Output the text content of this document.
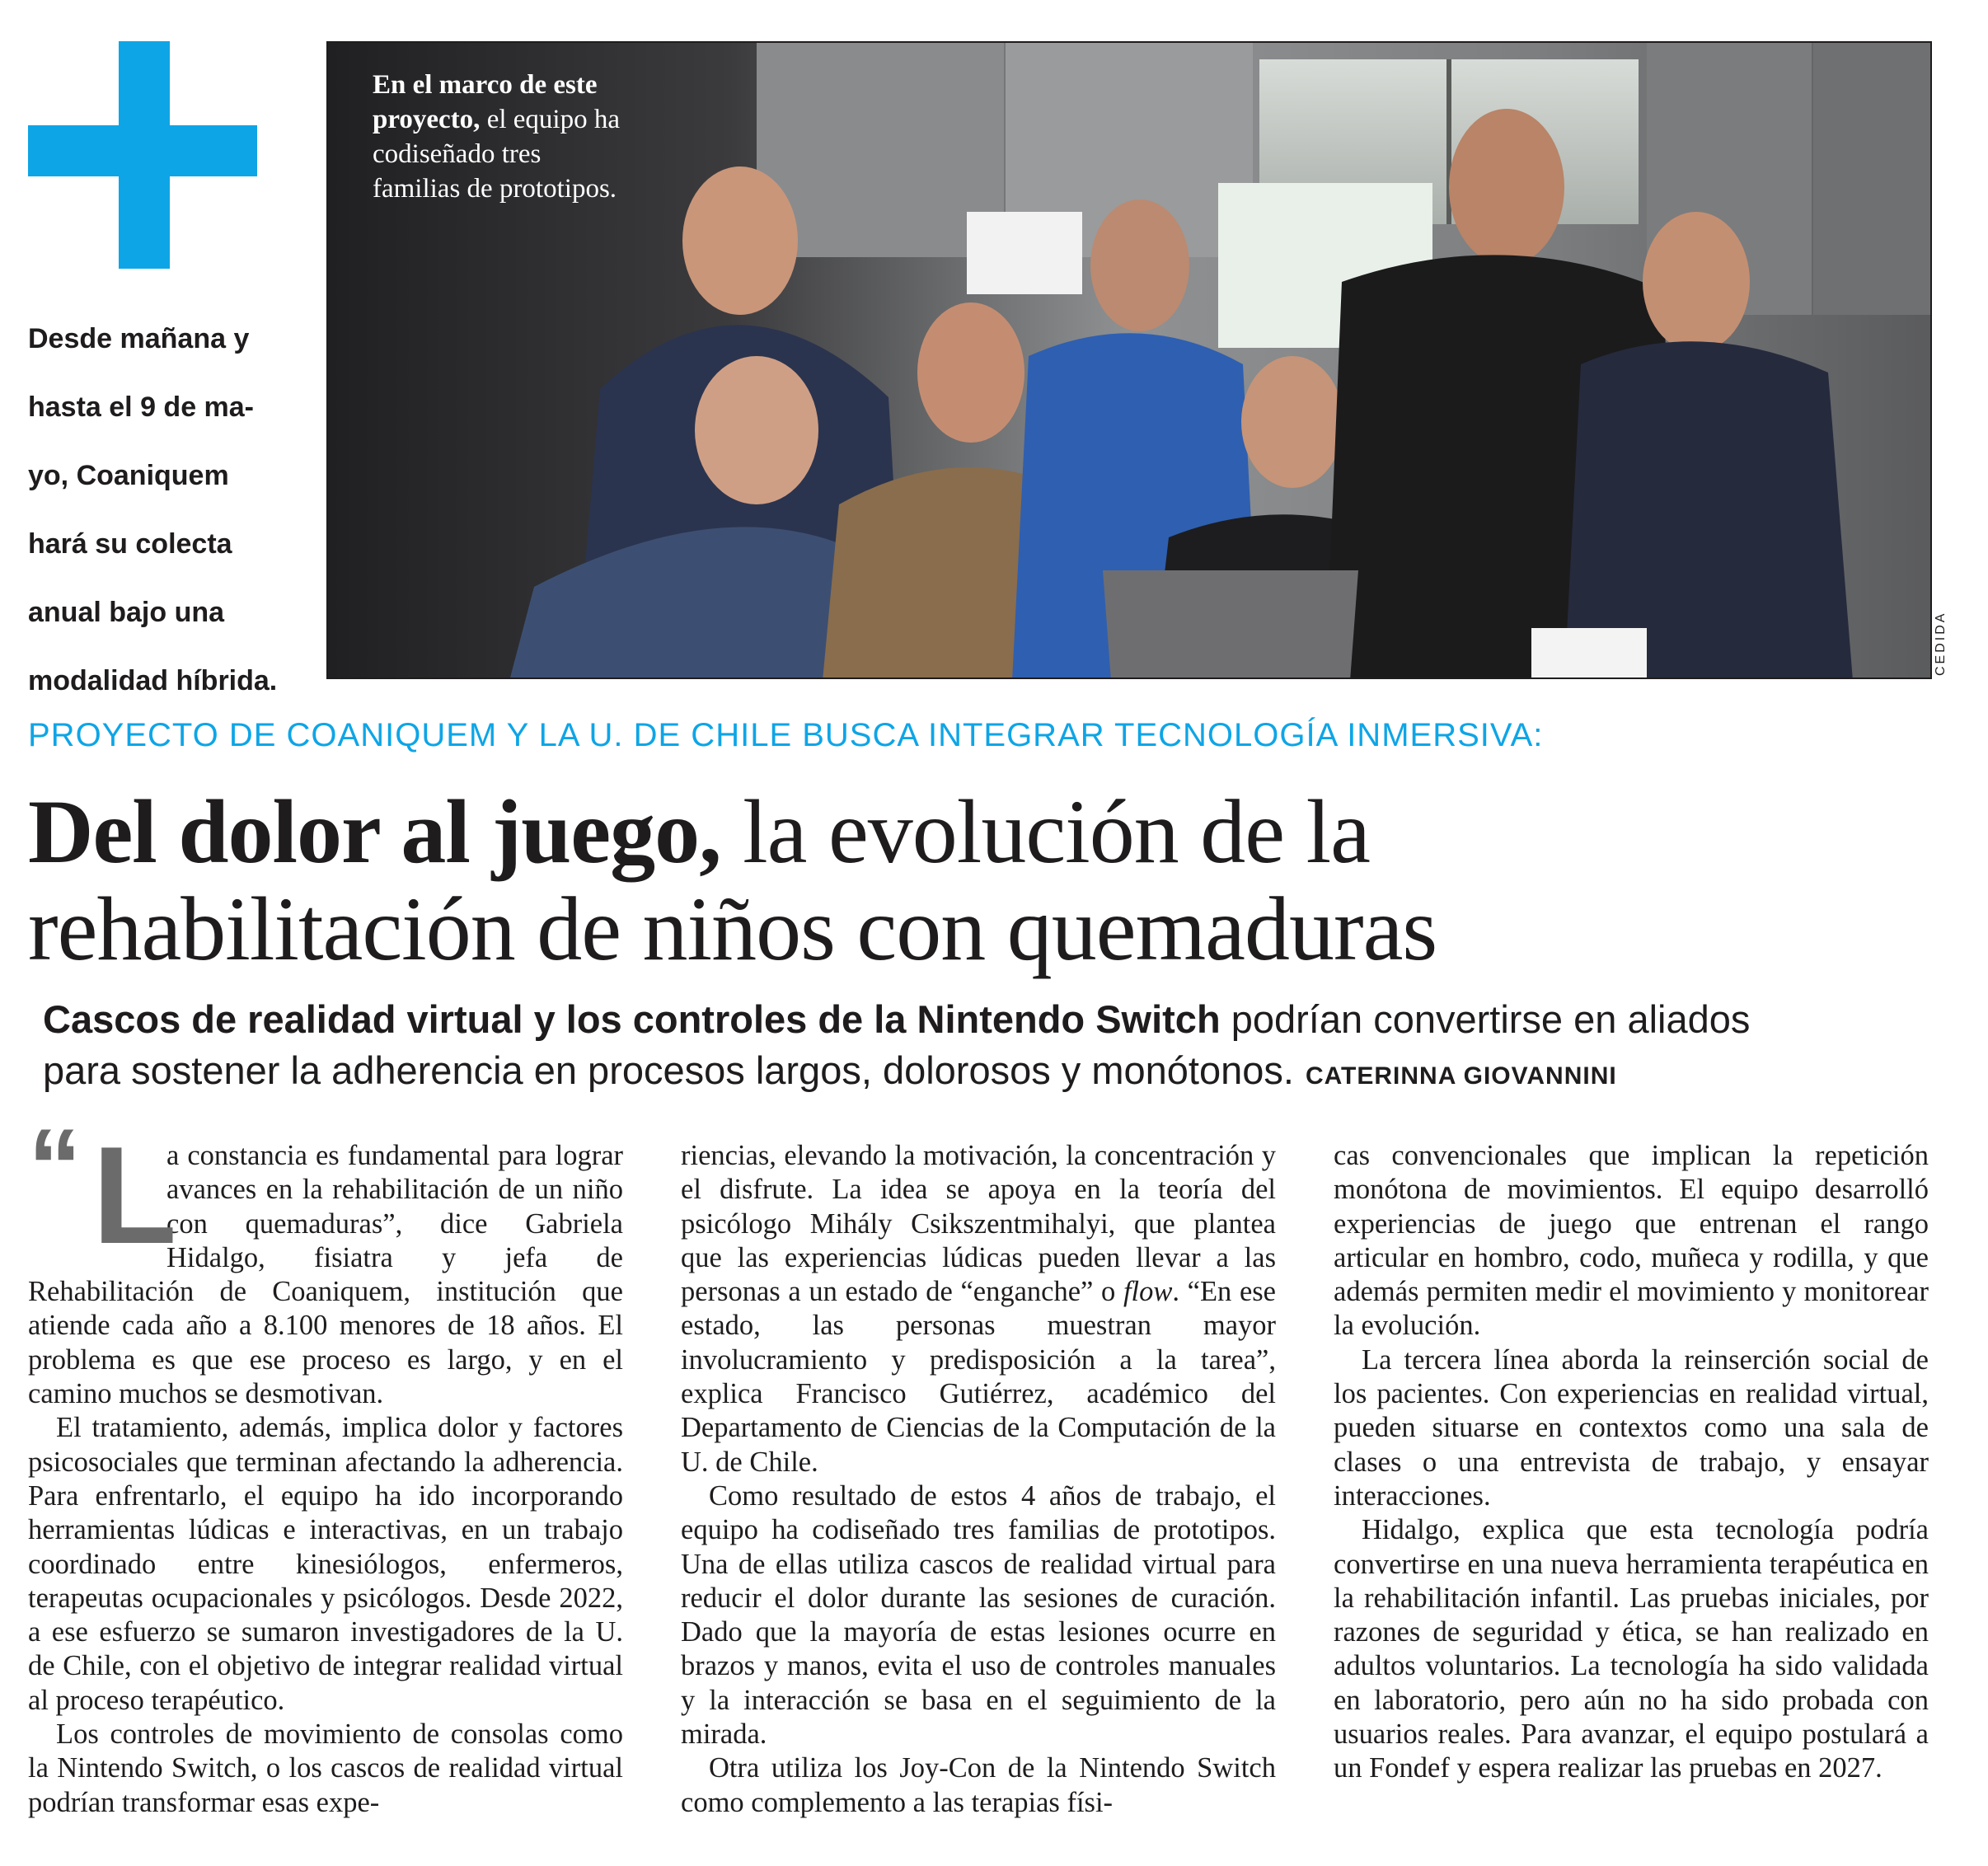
Desde mañana y
hasta el 9 de ma-
yo, Coaniquem
hará su colecta
anual bajo una
modalidad híbrida.
En el marco de este proyecto, el equipo ha codiseñado tres familias de prototipos.
CEDIDA
PROYECTO DE COANIQUEM Y LA U. DE CHILE BUSCA INTEGRAR TECNOLOGÍA INMERSIVA:
Del dolor al juego, la evolución de la
rehabilitación de niños con quemaduras
Cascos de realidad virtual y los controles de la Nintendo Switch podrían convertirse en aliados
para sostener la adherencia en procesos largos, dolorosos y monótonos. CATERINNA GIOVANNINI
“ L

a constancia es fundamental para lograr avances en la rehabilitación de un niño con quemaduras”, dice Gabriela Hidalgo, fisiatra y jefa de Rehabilitación de Coaniquem, institución que atiende cada año a 8.100 menores de 18 años. El problema es que ese proceso es largo, y en el camino muchos se desmotivan.

El tratamiento, además, implica dolor y factores psicosociales que terminan afectando la adherencia. Para enfrentarlo, el equipo ha ido incorporando herramientas lúdicas e interactivas, en un trabajo coordinado entre kinesiólogos, enfermeros, terapeutas ocupacionales y psicólogos. Desde 2022, a ese esfuerzo se sumaron investigadores de la U. de Chile, con el objetivo de integrar realidad virtual al proceso terapéutico.

Los controles de movimiento de consolas como la Nintendo Switch, o los cascos de realidad virtual podrían transformar esas expe-

riencias, elevando la motivación, la concentración y el disfrute. La idea se apoya en la teoría del psicólogo Mihály Csikszentmihalyi, que plantea que las experiencias lúdicas pueden llevar a las personas a un estado de “enganche” o flow. “En ese estado, las personas muestran mayor involucramiento y predisposición a la tarea”, explica Francisco Gutiérrez, académico del Departamento de Ciencias de la Computación de la U. de Chile.

Como resultado de estos 4 años de trabajo, el equipo ha codiseñado tres familias de prototipos. Una de ellas utiliza cascos de realidad virtual para reducir el dolor durante las sesiones de curación. Dado que la mayoría de estas lesiones ocurre en brazos y manos, evita el uso de controles manuales y la interacción se basa en el seguimiento de la mirada.

Otra utiliza los Joy-Con de la Nintendo Switch como complemento a las terapias físi-

cas convencionales que implican la repetición monótona de movimientos. El equipo desarrolló experiencias de juego que entrenan el rango articular en hombro, codo, muñeca y rodilla, y que además permiten medir el movimiento y monitorear la evolución.

La tercera línea aborda la reinserción social de los pacientes. Con experiencias en realidad virtual, pueden situarse en contextos como una sala de clases o una entrevista de trabajo, y ensayar interacciones.

Hidalgo, explica que esta tecnología podría convertirse en una nueva herramienta terapéutica en la rehabilitación infantil. Las pruebas iniciales, por razones de seguridad y ética, se han realizado en adultos voluntarios. La tecnología ha sido validada en laboratorio, pero aún no ha sido probada con usuarios reales. Para avanzar, el equipo postulará a un Fondef y espera realizar las pruebas en 2027.
